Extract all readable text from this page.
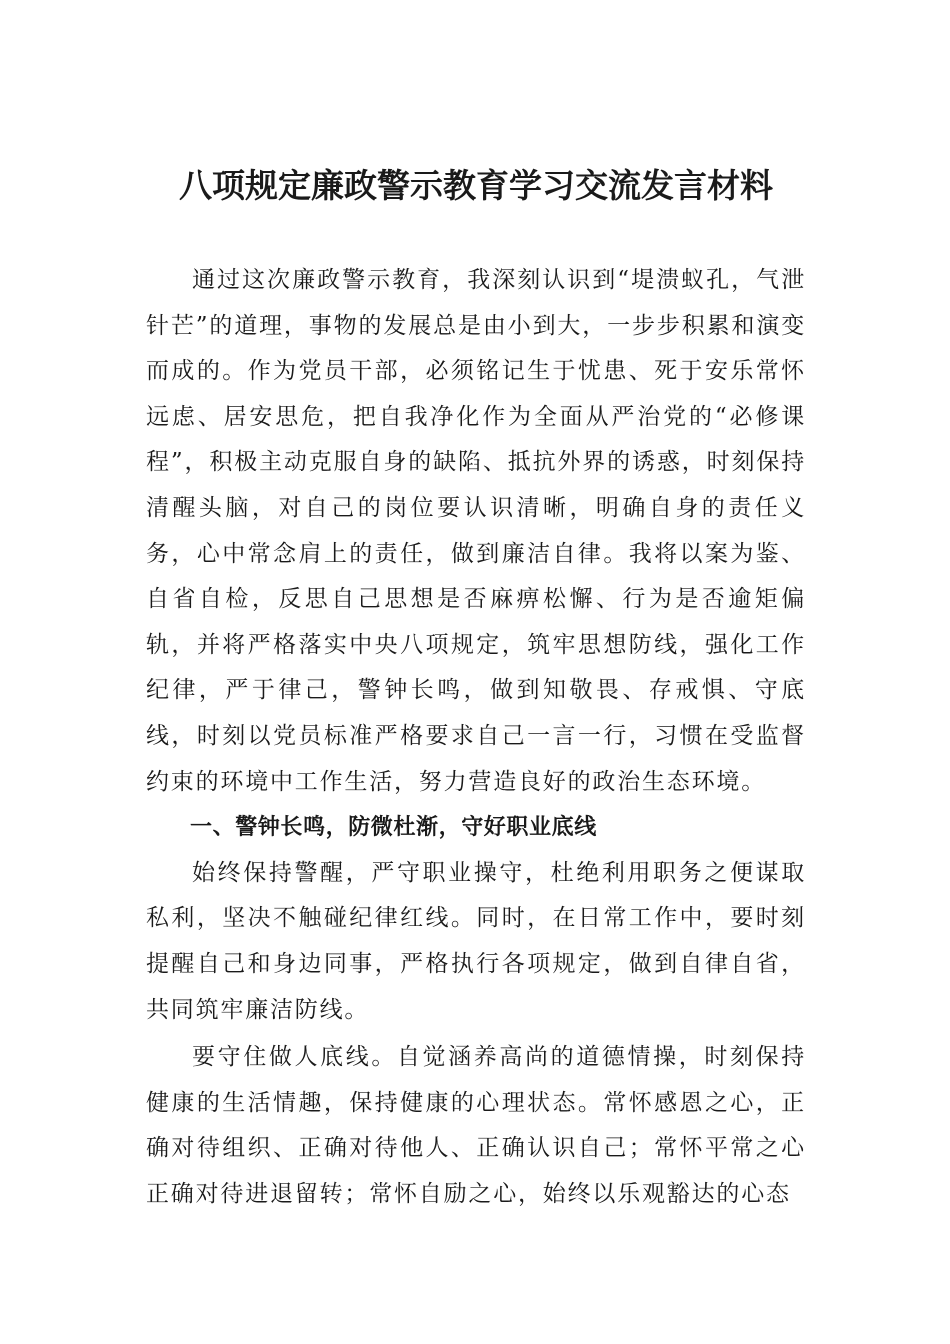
八项规定廉政警示教育学习交流发言材料

通过这次廉政警示教育，我深刻认识到“堤溃蚁孔，气泄针芒”的道理，事物的发展总是由小到大，一步步积累和演变而成的。作为党员干部，必须铭记生于忧患、死于安乐常怀远虑、居安思危，把自我净化作为全面从严治党的“必修课程”，积极主动克服自身的缺陷、抵抗外界的诱惑，时刻保持清醒头脑，对自己的岗位要认识清晰，明确自身的责任义务，心中常念肩上的责任，做到廉洁自律。我将以案为鉴、自省自检，反思自己思想是否麻痹松懈、行为是否逾矩偏轨，并将严格落实中央八项规定，筑牢思想防线，强化工作纪律，严于律己，警钟长鸣，做到知敬畏、存戒惧、守底线，时刻以党员标准严格要求自己一言一行，习惯在受监督约束的环境中工作生活，努力营造良好的政治生态环境。

一、警钟长鸣，防微杜渐，守好职业底线

始终保持警醒，严守职业操守，杜绝利用职务之便谋取私利，坚决不触碰纪律红线。同时，在日常工作中，要时刻提醒自己和身边同事，严格执行各项规定，做到自律自省，共同筑牢廉洁防线。

要守住做人底线。自觉涵养高尚的道德情操，时刻保持健康的生活情趣，保持健康的心理状态。常怀感恩之心，正确对待组织、正确对待他人、正确认识自己；常怀平常之心正确对待进退留转；常怀自励之心，始终以乐观豁达的心态
